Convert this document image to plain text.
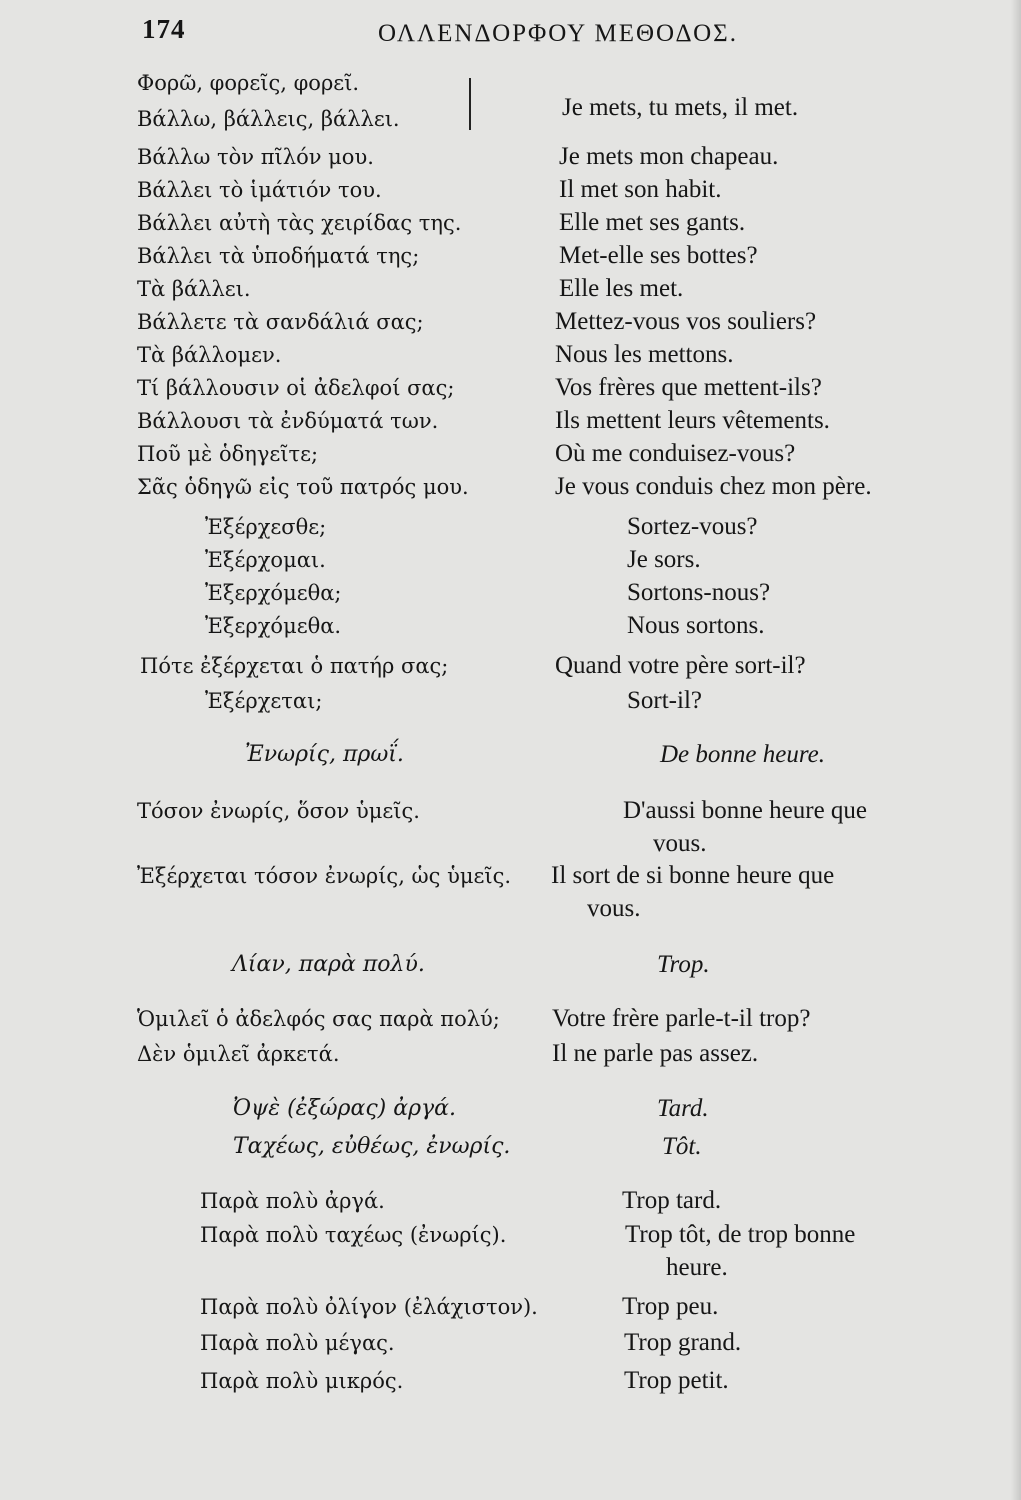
174	ΟΛΛΕΝΔΟΡΦΟΥ ΜΕΘΟΔΟΣ.
Φορῶ, φορεῖς, φορεῖ.
Βάλλω, βάλλεις, βάλλει.	Je mets, tu mets, il met.
Βάλλω τὸν πῖλόν μου.	Je mets mon chapeau.
Βάλλει τὸ ἱμάτιόν του.	Il met son habit.
Βάλλει αὐτὴ τὰς χειρίδας της.	Elle met ses gants.
Βάλλει τὰ ὑποδήματά της;	Met-elle ses bottes?
Τὰ βάλλει.	Elle les met.
Βάλλετε τὰ σανδάλιά σας;	Mettez-vous vos souliers?
Τὰ βάλλομεν.	Nous les mettons.
Τί βάλλουσιν οἱ ἀδελφοί σας;	Vos frères que mettent-ils?
Βάλλουσι τὰ ἐνδύματά των.	Ils mettent leurs vêtements.
Ποῦ μὲ ὁδηγεῖτε;	Où me conduisez-vous?
Σᾶς ὁδηγῶ εἰς τοῦ πατρός μου.	Je vous conduis chez mon père.
Ἐξέρχεσθε;	Sortez-vous?
Ἐξέρχομαι.	Je sors.
Ἐξερχόμεθα;	Sortons-nous?
Ἐξερχόμεθα.	Nous sortons.
Πότε ἐξέρχεται ὁ πατήρ σας;	Quand votre père sort-il?
Ἐξέρχεται;	Sort-il?
Ἐνωρίς, πρωΐ.	De bonne heure.
Τόσον ἐνωρίς, ὅσον ὑμεῖς.	D'aussi bonne heure que
vous.
Ἐξέρχεται τόσον ἐνωρίς, ὡς ὑμεῖς. Il sort de si bonne heure que
vous.
Λίαν, παρὰ πολύ.	Trop.
Ὁμιλεῖ ὁ ἀδελφός σας παρὰ πολύ; Votre frère parle-t-il trop?
Δὲν ὁμιλεῖ ἀρκετά.	Il ne parle pas assez.
Ὀψὲ (ἐξώρας) ἀργά.	Tard.
Ταχέως, εὐθέως, ἐνωρίς.	Tôt.
Παρὰ πολὺ ἀργά.	Trop tard.
Παρὰ πολὺ ταχέως (ἐνωρίς).	Trop tôt, de trop bonne
heure.
Παρὰ πολὺ ὀλίγον (ἐλάχιστον).	Trop peu.
Παρὰ πολὺ μέγας.	Trop grand.
Παρὰ πολὺ μικρός.	Trop petit.
